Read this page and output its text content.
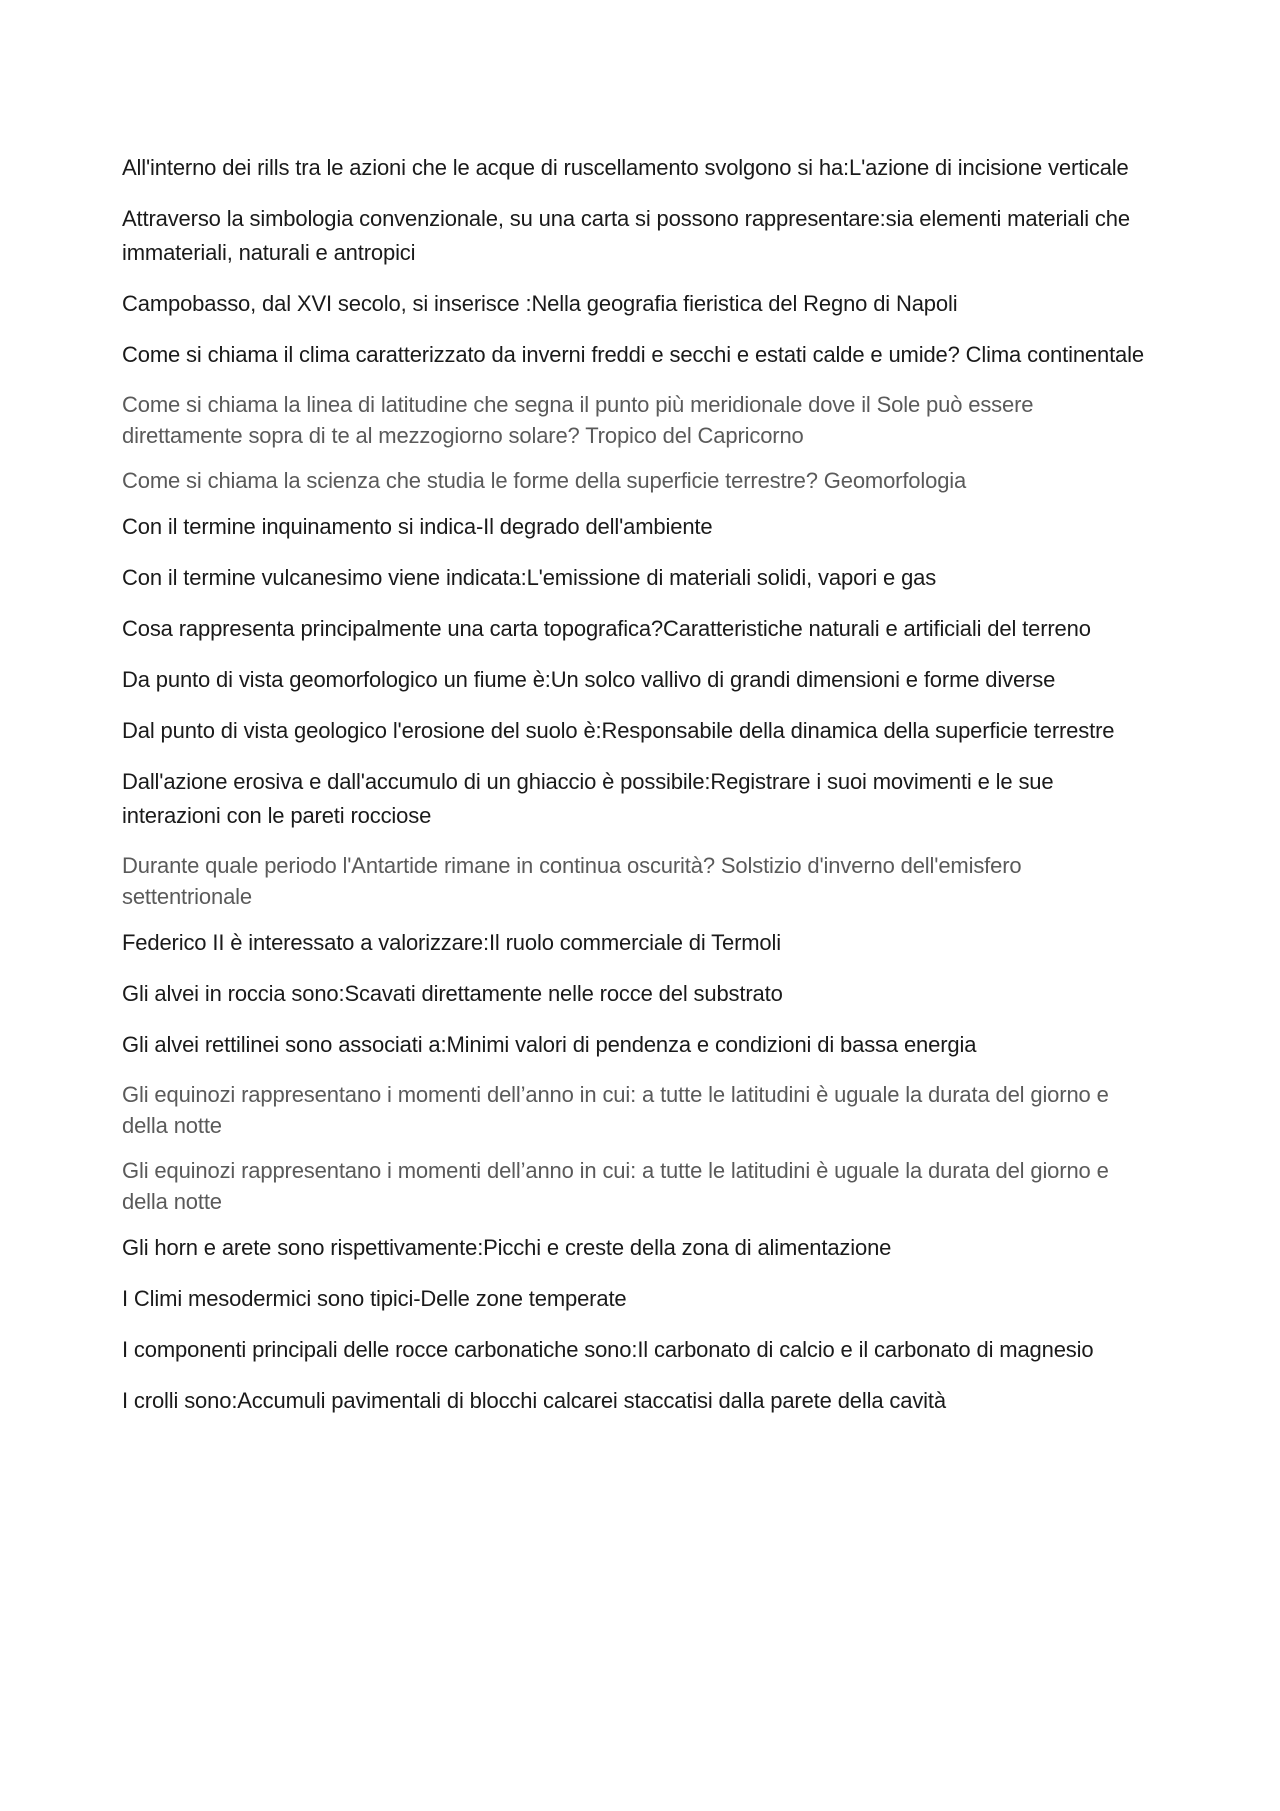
All'interno dei rills tra le azioni che le acque di ruscellamento svolgono si ha:L'azione di incisione verticale

Attraverso la simbologia convenzionale, su una carta si possono rappresentare:sia elementi materiali che immateriali, naturali e antropici

Campobasso, dal XVI secolo, si inserisce :Nella geografia fieristica del Regno di Napoli

Come si chiama il clima caratterizzato da inverni freddi e secchi e estati calde e umide? Clima continentale

Come si chiama la linea di latitudine che segna il punto più meridionale dove il Sole può essere direttamente sopra di te al mezzogiorno solare? Tropico del Capricorno

Come si chiama la scienza che studia le forme della superficie terrestre? Geomorfologia

Con il termine inquinamento si indica-Il degrado dell'ambiente

Con il termine vulcanesimo viene indicata:L'emissione di materiali solidi, vapori e gas

Cosa rappresenta principalmente una carta topografica?Caratteristiche naturali e artificiali del terreno

Da punto di vista geomorfologico un fiume è:Un solco vallivo di grandi dimensioni e forme diverse

Dal punto di vista geologico l'erosione del suolo è:Responsabile della dinamica della superficie terrestre

Dall'azione erosiva e dall'accumulo di un ghiaccio è possibile:Registrare i suoi movimenti e le sue interazioni con le pareti rocciose

Durante quale periodo l'Antartide rimane in continua oscurità? Solstizio d'inverno dell'emisfero settentrionale

Federico II è interessato a valorizzare:Il ruolo commerciale di Termoli

Gli alvei in roccia sono:Scavati direttamente nelle rocce del substrato

Gli alvei rettilinei sono associati a:Minimi valori di pendenza e condizioni di bassa energia

Gli equinozi rappresentano i momenti dell’anno in cui: a tutte le latitudini è uguale la durata del giorno e della notte

Gli equinozi rappresentano i momenti dell’anno in cui: a tutte le latitudini è uguale la durata del giorno e della notte

Gli horn e arete sono rispettivamente:Picchi e creste della zona di alimentazione

I Climi mesodermici sono tipici-Delle zone temperate

I componenti principali delle rocce carbonatiche sono:Il carbonato di calcio e il carbonato di magnesio

I crolli sono:Accumuli pavimentali di blocchi calcarei staccatisi dalla parete della cavità
